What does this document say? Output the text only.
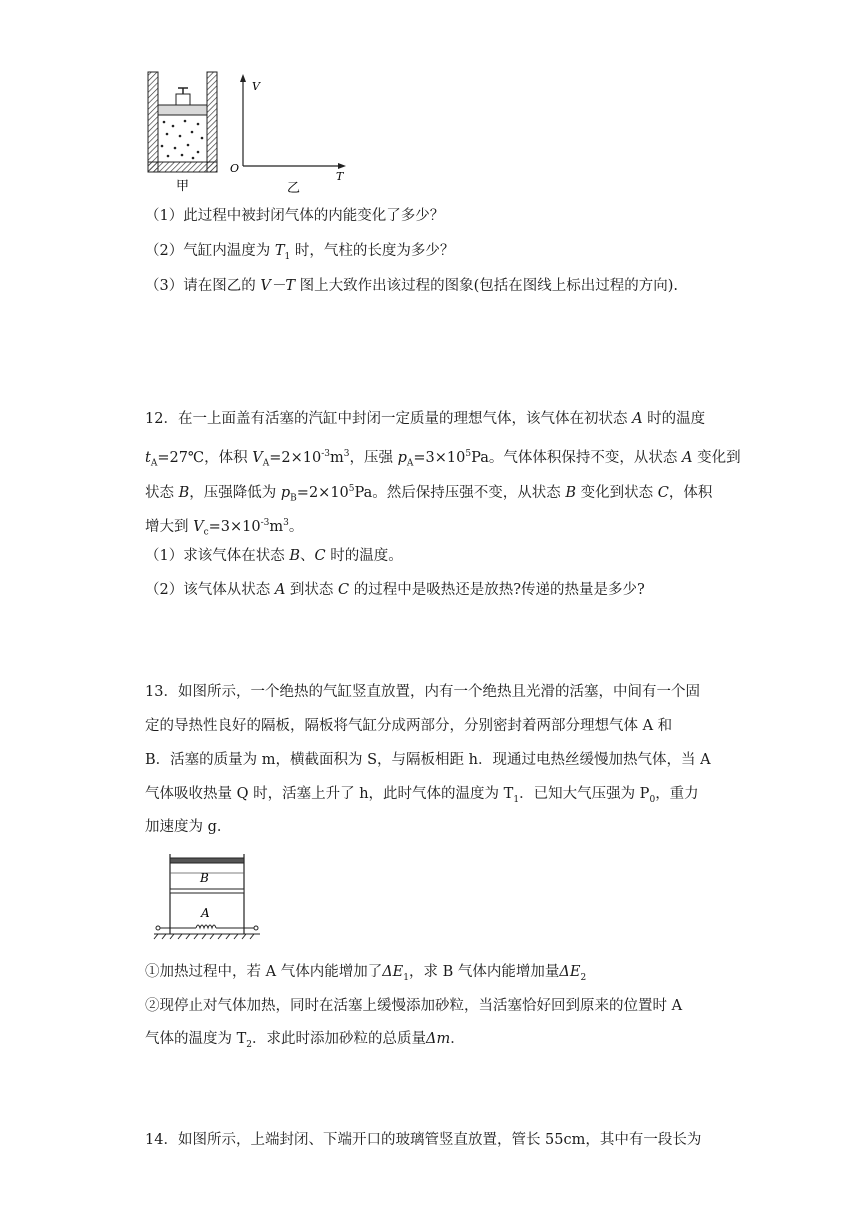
甲
V
T
O
乙
（1）此过程中被封闭气体的内能变化了多少？
（2）气缸内温度为 $T_1$ 时，气柱的长度为多少？
（3）请在图乙的 V－T 图上大致作出该过程的图象(包括在图线上标出过程的方向).
12．在一上面盖有活塞的汽缸中封闭一定质量的理想气体，该气体在初状态 A 时的温度
$t_A=27℃$，体积 $V_A=2\times 10^{-3}m^3$，压强 $p_A=3\times 10^5Pa$。气体体积保持不变，从状态 A 变化到
状态 B，压强降低为 $p_B=2\times 10^5Pa$。然后保持压强不变，从状态 B 变化到状态 C，体积
增大到 $V_c=3\times 10^{-3}m^3$。
（1）求该气体在状态 B、C 时的温度。
（2）该气体从状态 A 到状态 C 的过程中是吸热还是放热?传递的热量是多少?
13．如图所示，一个绝热的气缸竖直放置，内有一个绝热且光滑的活塞，中间有一个固
定的导热性良好的隔板，隔板将气缸分成两部分，分别密封着两部分理想气体 A 和
B．活塞的质量为 m，横截面积为 S，与隔板相距 h．现通过电热丝缓慢加热气体，当 A
气体吸收热量 Q 时，活塞上升了 h，此时气体的温度为 $T_1$．已知大气压强为 $P_0$，重力
加速度为 g．
B
A
①加热过程中，若 A 气体内能增加了$\Delta E_1$，求 B 气体内能增加量$\Delta E_2$
②现停止对气体加热，同时在活塞上缓慢添加砂粒，当活塞恰好回到原来的位置时 A
气体的温度为 $T_2$．求此时添加砂粒的总质量Δm．
14．如图所示，上端封闭、下端开口的玻璃管竖直放置，管长 55cm，其中有一段长为
